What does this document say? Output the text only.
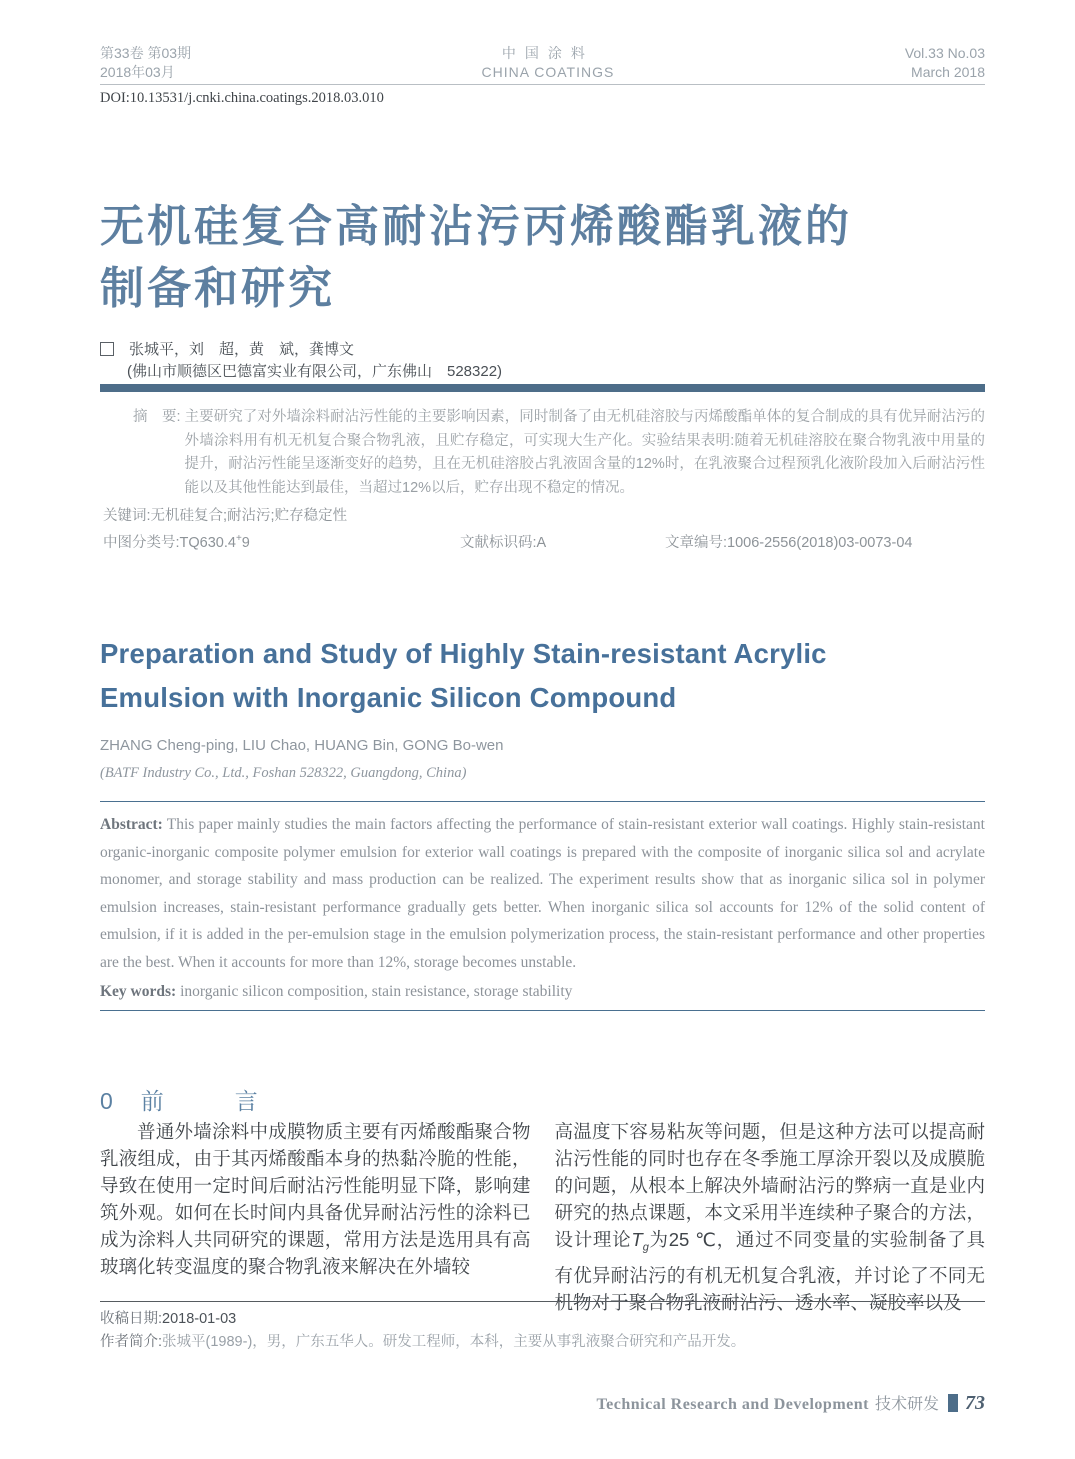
第33卷 第03期
2018年03月
中国涂料
CHINA COATINGS
Vol.33 No.03
March 2018
DOI:10.13531/j.cnki.china.coatings.2018.03.010
无机硅复合高耐沾污丙烯酸酯乳液的
制备和研究
张城平，刘　超，黄　斌，龚博文
(佛山市顺德区巴德富实业有限公司，广东佛山　528322)
摘　要: 主要研究了对外墙涂料耐沾污性能的主要影响因素，同时制备了由无机硅溶胶与丙烯酸酯单体的复合制成的具有优异耐沾污的外墙涂料用有机无机复合聚合物乳液，且贮存稳定，可实现大生产化。实验结果表明:随着无机硅溶胶在聚合物乳液中用量的提升，耐沾污性能呈逐渐变好的趋势，且在无机硅溶胶占乳液固含量的12%时，在乳液聚合过程预乳化液阶段加入后耐沾污性能以及其他性能达到最佳，当超过12%以后，贮存出现不稳定的情况。
关键词:无机硅复合;耐沾污;贮存稳定性
中图分类号:TQ630.4+9	文献标识码:A	文章编号:1006-2556(2018)03-0073-04
Preparation and Study of Highly Stain-resistant Acrylic
Emulsion with Inorganic Silicon Compound
ZHANG Cheng-ping, LIU Chao, HUANG Bin, GONG Bo-wen
(BATF Industry Co., Ltd., Foshan 528322, Guangdong, China)
Abstract: This paper mainly studies the main factors affecting the performance of stain-resistant exterior wall coatings. Highly stain-resistant organic-inorganic composite polymer emulsion for exterior wall coatings is prepared with the composite of inorganic silica sol and acrylate monomer, and storage stability and mass production can be realized. The experiment results show that as inorganic silica sol in polymer emulsion increases, stain-resistant performance gradually gets better. When inorganic silica sol accounts for 12% of the solid content of emulsion, if it is added in the per-emulsion stage in the emulsion polymerization process, the stain-resistant performance and other properties are the best. When it accounts for more than 12%, storage becomes unstable.
Key words: inorganic silicon composition, stain resistance, storage stability
0 前　言
普通外墙涂料中成膜物质主要有丙烯酸酯聚合物乳液组成，由于其丙烯酸酯本身的热黏冷脆的性能，导致在使用一定时间后耐沾污性能明显下降，影响建筑外观。如何在长时间内具备优异耐沾污性的涂料已成为涂料人共同研究的课题，常用方法是选用具有高玻璃化转变温度的聚合物乳液来解决在外墙较
高温度下容易粘灰等问题，但是这种方法可以提高耐沾污性能的同时也存在冬季施工厚涂开裂以及成膜脆的问题，从根本上解决外墙耐沾污的弊病一直是业内研究的热点课题，本文采用半连续种子聚合的方法，设计理论$T_g$为25 ℃，通过不同变量的实验制备了具有优异耐沾污的有机无机复合乳液，并讨论了不同无机物对于聚合物乳液耐沾污、透水率、凝胶率以及
收稿日期:2018-01-03
作者简介:张城平(1989-)，男，广东五华人。研发工程师，本科，主要从事乳液聚合研究和产品开发。
Technical Research and Development 技术研发 73
